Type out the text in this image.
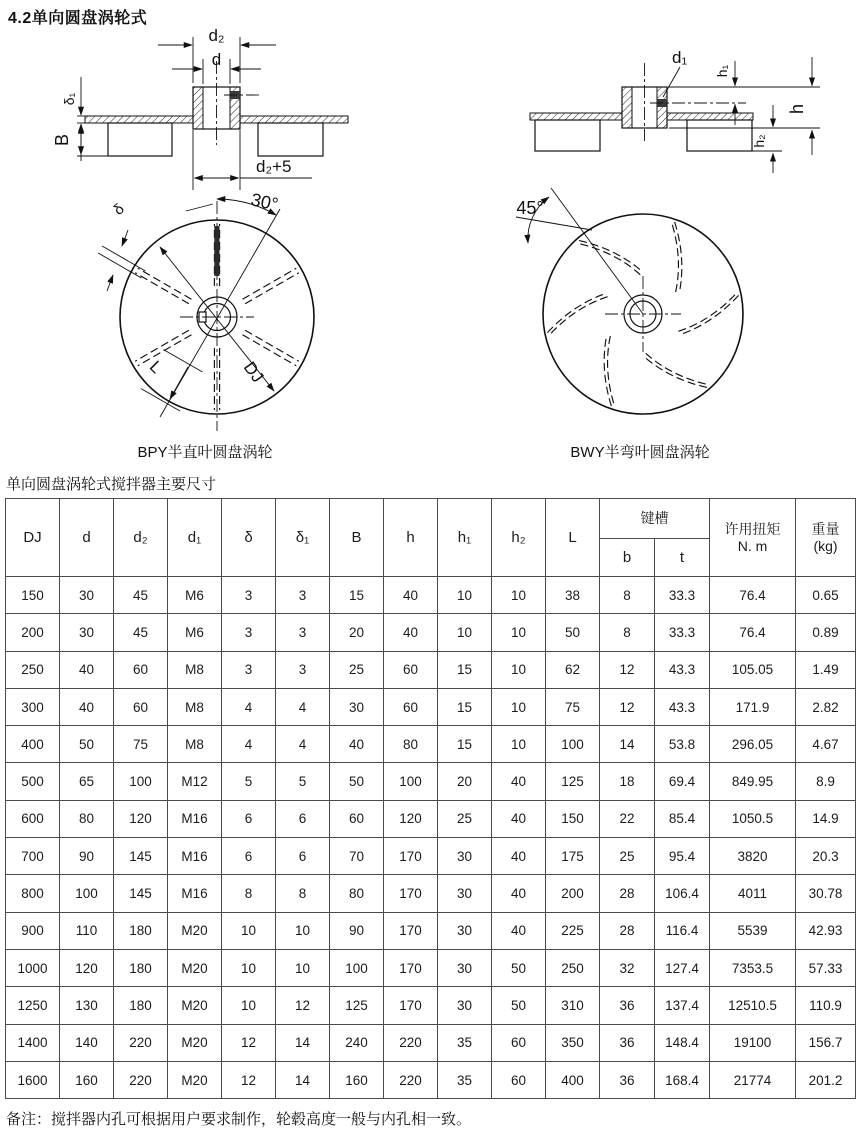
4.2单向圆盘涡轮式
d₂
d
δ₁
B
d₂+5
d₁
h₁
h
h₂
30°
DJ
δ
L
45°
BPY半直叶圆盘涡轮	BWY半弯叶圆盘涡轮
单向圆盘涡轮式搅拌器主要尺寸
DJ	d	d₂	d₁	δ	δ₁	B	h	h₁	h₂	L	键槽		许用扭矩
N. m	重量
(kg)
											b	t		
150	30	45	M6	3	3	15	40	10	10	38	8	33.3	76.4	0.65
200	30	45	M6	3	3	20	40	10	10	50	8	33.3	76.4	0.89
250	40	60	M8	3	3	25	60	15	10	62	12	43.3	105.05	1.49
300	40	60	M8	4	4	30	60	15	10	75	12	43.3	171.9	2.82
400	50	75	M8	4	4	40	80	15	10	100	14	53.8	296.05	4.67
500	65	100	M12	5	5	50	100	20	40	125	18	69.4	849.95	8.9
600	80	120	M16	6	6	60	120	25	40	150	22	85.4	1050.5	14.9
700	90	145	M16	6	6	70	170	30	40	175	25	95.4	3820	20.3
800	100	145	M16	8	8	80	170	30	40	200	28	106.4	4011	30.78
900	110	180	M20	10	10	90	170	30	40	225	28	116.4	5539	42.93
1000	120	180	M20	10	10	100	170	30	50	250	32	127.4	7353.5	57.33
1250	130	180	M20	10	12	125	170	30	50	310	36	137.4	12510.5	110.9
1400	140	220	M20	12	14	240	220	35	60	350	36	148.4	19100	156.7
1600	160	220	M20	12	14	160	220	35	60	400	36	168.4	21774	201.2
备注：搅拌器内孔可根据用户要求制作，轮毂高度一般与内孔相一致。
